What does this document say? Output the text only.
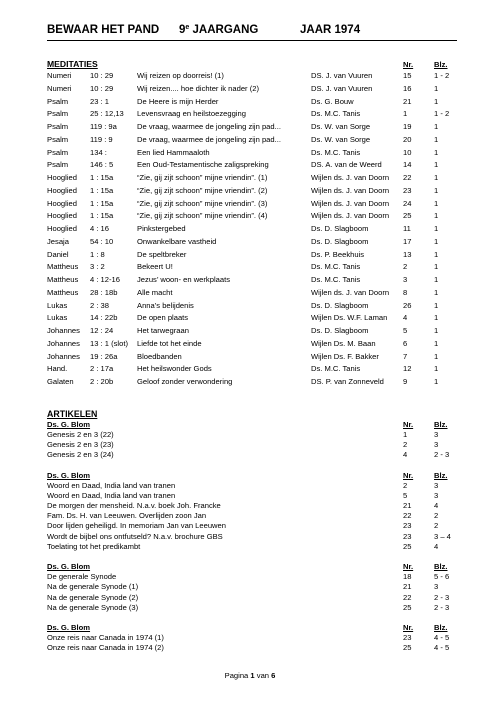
BEWAAR HET PAND 9e JAARGANG	JAAR 1974
MEDITATIES	Nr.	Blz.
Numeri 10 : 29	Wij reizen op doorreis! (1)	DS. J. van Vuuren	15	1 - 2
Numeri 10 : 29	Wij reizen.... hoe dichter ik nader (2)	DS. J. van Vuuren	16	1
Psalm	23 : 1	De Heere is mijn Herder	Ds. G. Bouw	21	1
Psalm	25 : 12,13 Levensvraag en heilstoezegging	Ds. M.C. Tanis	1	1 - 2
Psalm	119 : 9a	De vraag, waarmee de jongeling zijn pad...	Ds. W. van Sorge	19	1
Psalm	119 : 9	De vraag, waarmee de jongeling zijn pad...	Ds. W. van Sorge	20	1
Psalm	134 :	Een lied Hammaaloth	Ds. M.C. Tanis	10	1
Psalm	146 : 5	Een Oud-Testamentische zaligspreking	DS. A. van de Weerd	14	1
Hooglied 1 : 15a	“Zie, gij zijt schoon” mijne vriendin”. (1)	Wijlen ds. J. van Doorn	22	1
Hooglied 1 : 15a	“Zie, gij zijt schoon” mijne vriendin”. (2)	Wijlen ds. J. van Doorn	23	1
Hooglied 1 : 15a	“Zie, gij zijt schoon” mijne vriendin”. (3)	Wijlen ds. J. van Doorn	24	1
Hooglied 1 : 15a	“Zie, gij zijt schoon” mijne vriendin”. (4)	Wijlen ds. J. van Doorn	25	1
Hooglied 4 : 16	Pinkstergebed	Ds. D. Slagboom	11	1
Jesaja	54 : 10	Onwankelbare vastheid	Ds. D. Slagboom	17	1
Daniel	1 : 8	De speltbreker	Ds. P. Beekhuis	13	1
Mattheus 3 : 2	Bekeert U!	Ds. M.C. Tanis	2	1
Mattheus 4 : 12-16 Jezus’ woon- en werkplaats	Ds. M.C. Tanis	3	1
Mattheus 28 : 18b	Alle macht	Wijlen ds. J. van Doorn	8	1
Lukas	2 : 38	Anna’s belijdenis	Ds. D. Slagboom	26	1
Lukas	14 : 22b	De open plaats	Wijlen Ds. W.F. Laman	4	1
Johannes 12 : 24	Het tarwegraan	Ds. D. Slagboom	5	1
Johannes 13 : 1 (slot) Liefde tot het einde	Wijlen Ds. M. Baan	6	1
Johannes 19 : 26a	Bloedbanden	Wijlen Ds. F. Bakker	7	1
Hand.	2 : 17a	Het heilswonder Gods	Ds. M.C. Tanis	12	1
Galaten 2 : 20b	Geloof zonder verwondering	DS. P. van Zonneveld	9	1
ARTIKELEN
Ds. G. Blom	Nr.	Blz.
Genesis 2 en 3 (22)	1	3
Genesis 2 en 3 (23)	2	3
Genesis 2 en 3 (24)	4	2 - 3
Ds. G. Blom	Nr.	Blz.
Woord en Daad, India land van tranen	2	3
Woord en Daad, India land van tranen	5	3
De morgen der mensheid. N.a.v. boek Joh. Francke	21	4
Fam. Ds. H. van Leeuwen. Overlijden zoon Jan	22	2
Door lijden geheiligd. In memoriam Jan van Leeuwen	23	2
Wordt de bijbel ons ontfutseld? N.a.v. brochure GBS	23	3 – 4
Toelating tot het predikambt	25	4
Ds. G. Blom	Nr.	Blz.
De generale Synode	18	5 - 6
Na de generale Synode (1)	21	3
Na de generale Synode (2)	22	2 - 3
Na de generale Synode (3)	25	2 - 3
Ds. G. Blom	Nr.	Blz.
Onze reis naar Canada in 1974 (1)	23	4 - 5
Onze reis naar Canada in 1974 (2)	25	4 - 5
Pagina 1 van 6
